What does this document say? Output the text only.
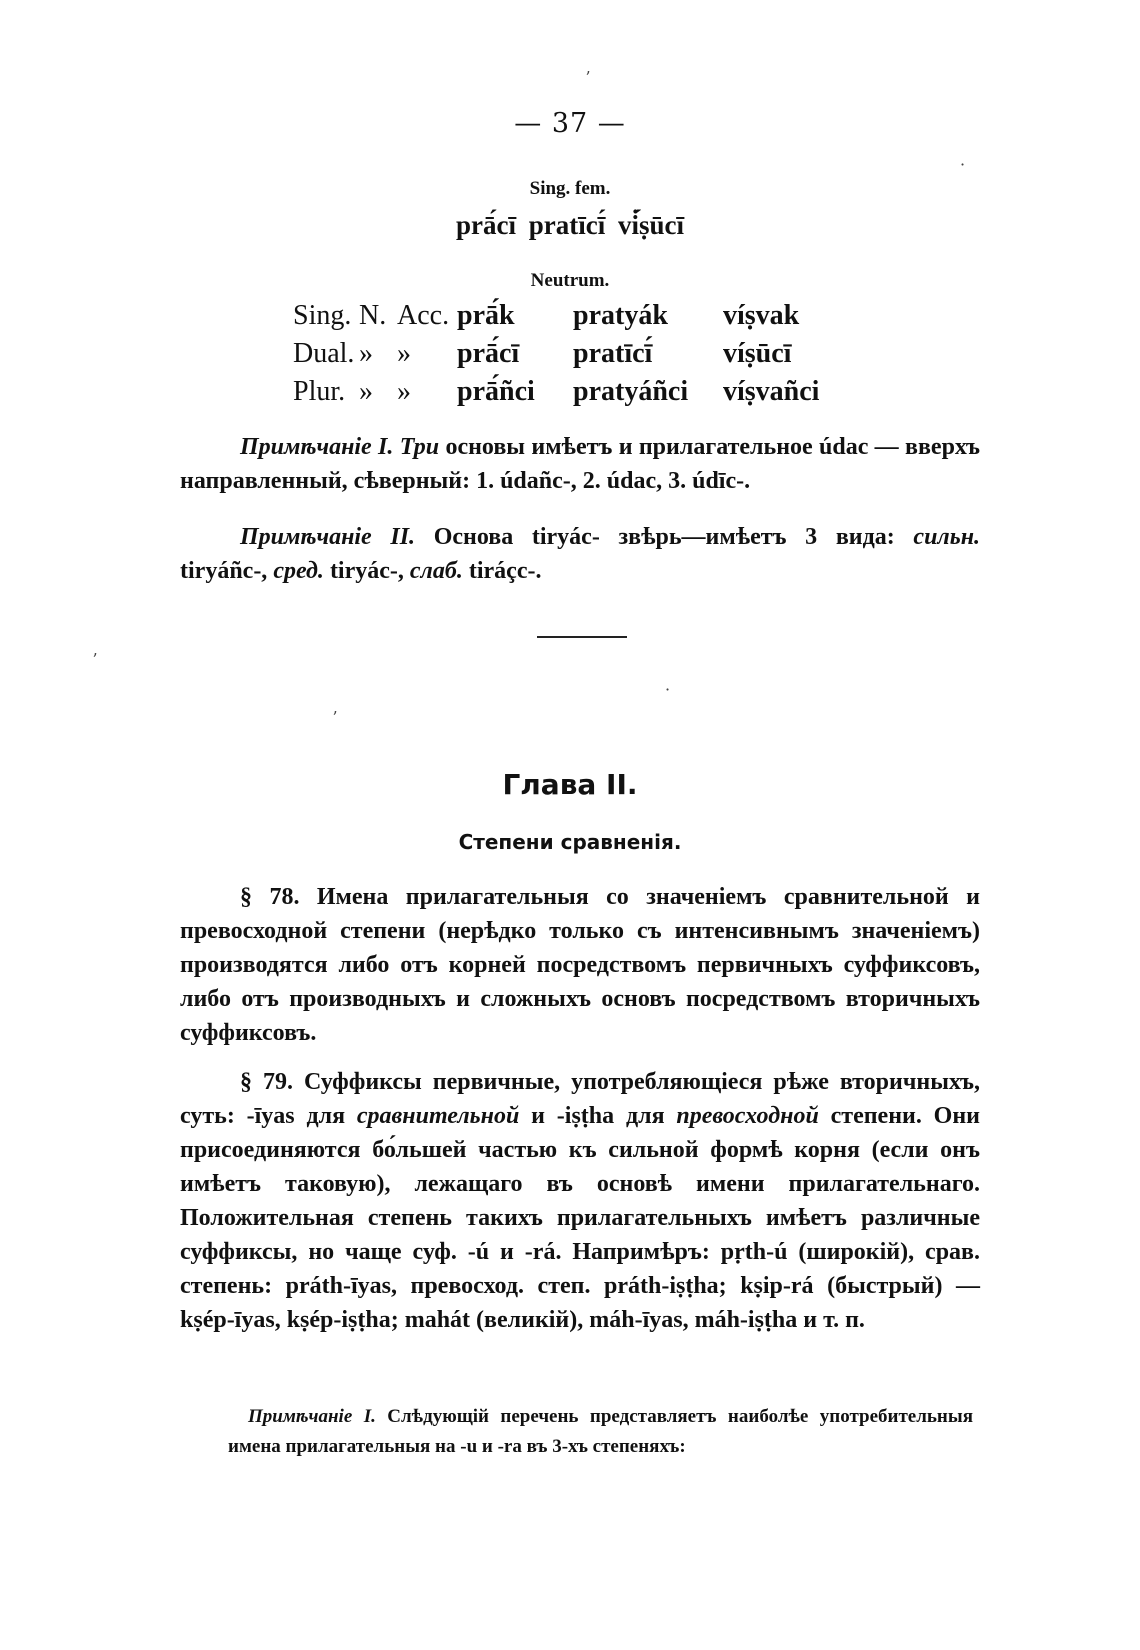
ʼ
·
ʼ
ʼ
·
— 37 —
Sing. fem.
prā́cī pratīcī́ vi̇́ṣūcī
Neutrum.
Sing.	N.	Acc.	prā́k	pratyák	víṣvak
Dual.	»	»	prā́cī	pratīcī́	víṣūcī
Plur.	»	»	prā́ñci	pratyáñci	víṣvañci

Примѣчаніе I. Три основы имѣетъ и прилагательное údac — вверхъ направленный, сѣверный: 1. údañc-, 2. údac, 3. údīc-.

Примѣчаніе II. Основа tiryác- звѣрь—имѣетъ 3 вида: сильн. tiryáñc-, сред. tiryác-, слаб. tiráçc-.

Глава II.
Степени сравненія.

§ 78. Имена прилагательныя со значеніемъ сравнительной и превосходной степени (нерѣдко только съ интенсивнымъ значеніемъ) производятся либо отъ корней посредствомъ первичныхъ суффиксовъ, либо отъ производныхъ и сложныхъ основъ посредствомъ вторичныхъ суффиксовъ.

§ 79. Суффиксы первичные, употребляющіеся рѣже вторичныхъ, суть: -īyas для сравнительной и -iṣṭha для превосходной степени. Они присоединяются бо́льшей частью къ сильной формѣ корня (если онъ имѣетъ таковую), лежащаго въ основѣ имени прилагательнаго. Положительная степень такихъ прилагательныхъ имѣетъ различные суффиксы, но чаще суф. -ú и -rá. Напримѣръ: pṛth-ú (широкій), срав. степень: práth-īyas, превосход. степ. práth-iṣṭha; kṣip-rá (быстрый) — kṣép-īyas, kṣép-iṣṭha; mahát (великій), máh-īyas, máh-iṣṭha и т. п.

Примѣчаніе I. Слѣдующій перечень представляетъ наиболѣе употребительныя имена прилагательныя на -u и -ra въ 3-хъ степеняхъ:
